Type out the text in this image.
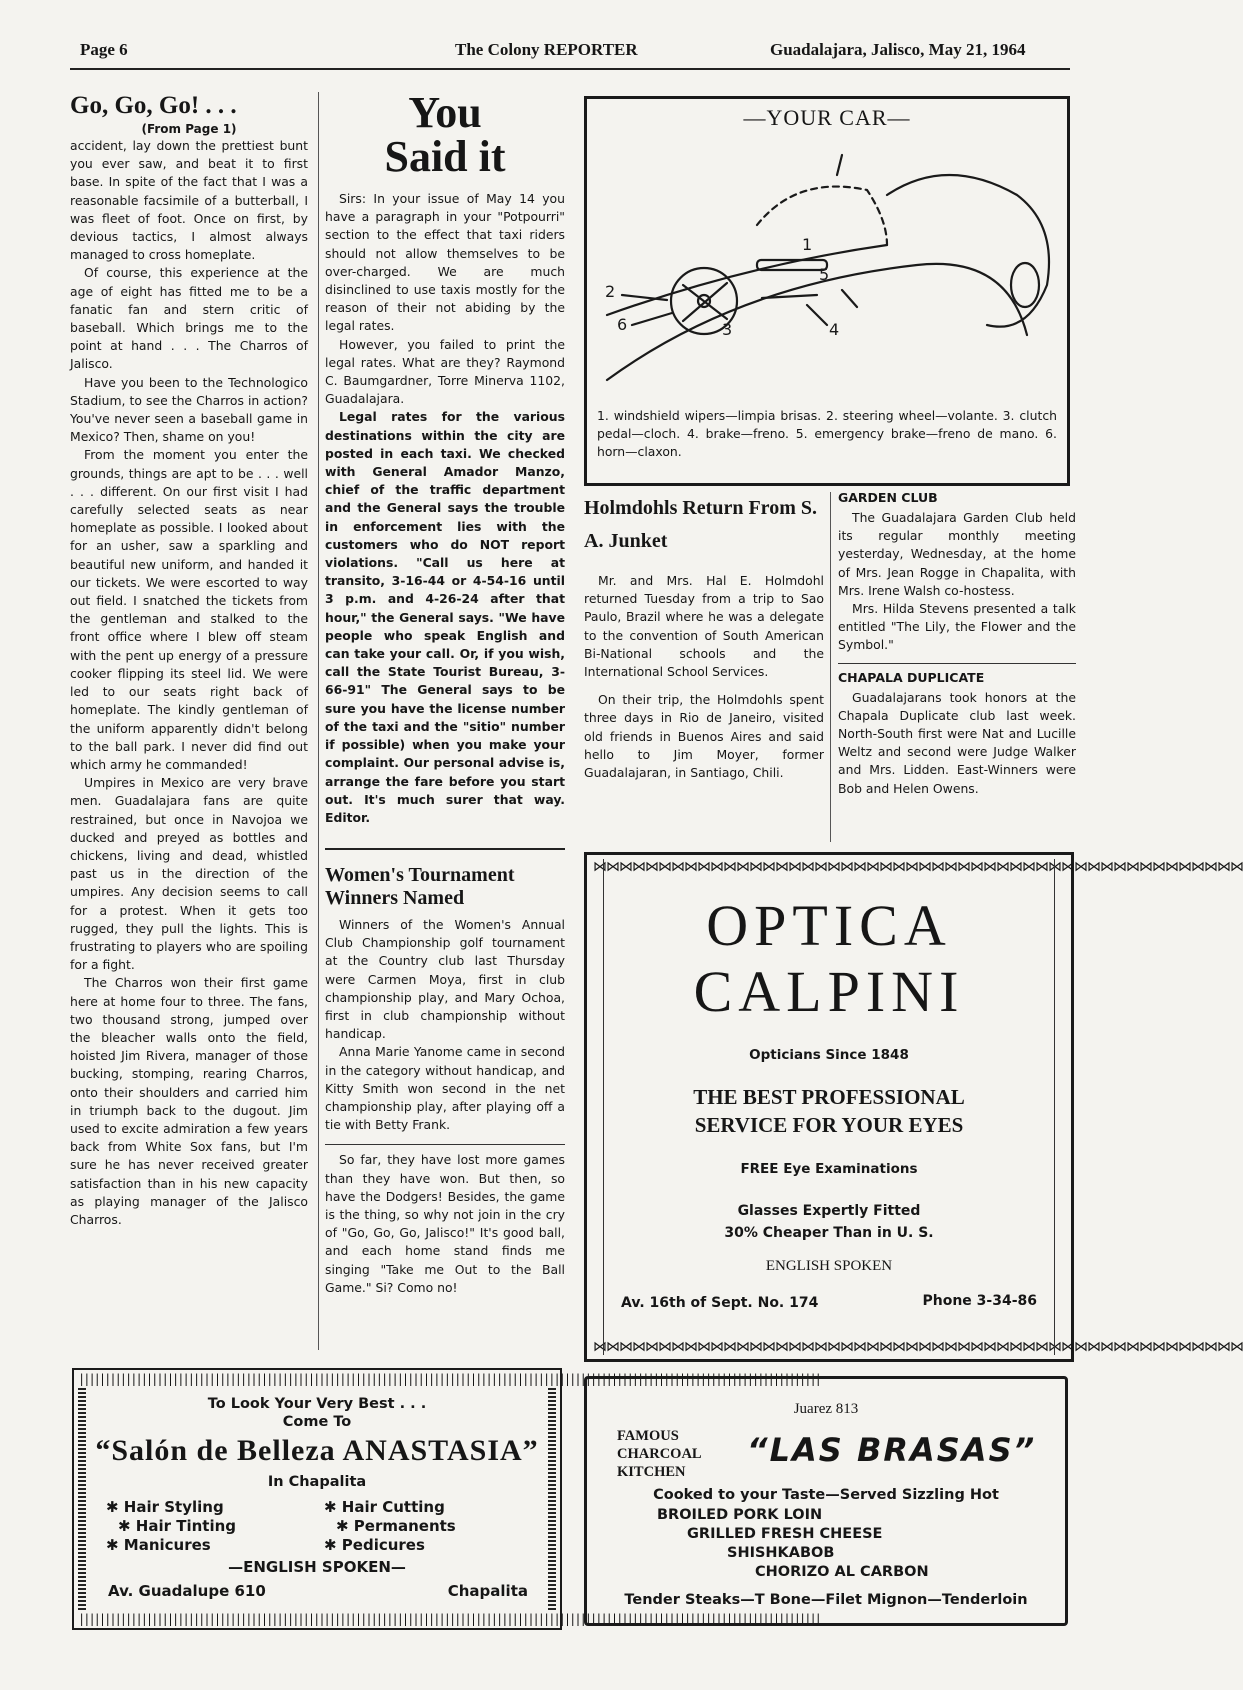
Page 6	The Colony REPORTER	Guadalajara, Jalisco, May 21, 1964
Go, Go, Go! . . .
(From Page 1)

accident, lay down the prettiest bunt you ever saw, and beat it to first base. In spite of the fact that I was a reasonable facsimile of a butterball, I was fleet of foot. Once on first, by devious tactics, I almost always managed to cross homeplate.

Of course, this experience at the age of eight has fitted me to be a fanatic fan and stern critic of baseball. Which brings me to the point at hand . . . The Charros of Jalisco.

Have you been to the Technologico Stadium, to see the Charros in action? You've never seen a baseball game in Mexico? Then, shame on you!

From the moment you enter the grounds, things are apt to be . . . well . . . different. On our first visit I had carefully selected seats as near homeplate as possible. I looked about for an usher, saw a sparkling and beautiful new uniform, and handed it our tickets. We were escorted to way out field. I snatched the tickets from the gentleman and stalked to the front office where I blew off steam with the pent up energy of a pressure cooker flipping its steel lid. We were led to our seats right back of homeplate. The kindly gentleman of the uniform apparently didn't belong to the ball park. I never did find out which army he commanded!

Umpires in Mexico are very brave men. Guadalajara fans are quite restrained, but once in Navojoa we ducked and preyed as bottles and chickens, living and dead, whistled past us in the direction of the umpires. Any decision seems to call for a protest. When it gets too rugged, they pull the lights. This is frustrating to players who are spoiling for a fight.

The Charros won their first game here at home four to three. The fans, two thousand strong, jumped over the bleacher walls onto the field, hoisted Jim Rivera, manager of those bucking, stomping, rearing Charros, onto their shoulders and carried him in triumph back to the dugout. Jim used to excite admiration a few years back from White Sox fans, but I'm sure he has never received greater satisfaction than in his new capacity as playing manager of the Jalisco Charros.

You
Said it

Sirs: In your issue of May 14 you have a paragraph in your "Potpourri" section to the effect that taxi riders should not allow themselves to be over-charged. We are much disinclined to use taxis mostly for the reason of their not abiding by the legal rates.

However, you failed to print the legal rates. What are they? Raymond C. Baumgardner, Torre Minerva 1102, Guadalajara.

Legal rates for the various destinations within the city are posted in each taxi. We checked with General Amador Manzo, chief of the traffic department and the General says the trouble in enforcement lies with the customers who do NOT report violations. "Call us here at transito, 3-16-44 or 4-54-16 until 3 p.m. and 4-26-24 after that hour," the General says. "We have people who speak English and can take your call. Or, if you wish, call the State Tourist Bureau, 3-66-91" The General says to be sure you have the license number of the taxi and the "sitio" number if possible) when you make your complaint. Our personal advise is, arrange the fare before you start out. It's much surer that way. Editor.

Women's Tournament Winners Named

Winners of the Women's Annual Club Championship golf tournament at the Country club last Thursday were Carmen Moya, first in club championship play, and Mary Ochoa, first in club championship without handicap.

Anna Marie Yanome came in second in the category without handicap, and Kitty Smith won second in the net championship play, after playing off a tie with Betty Frank.

So far, they have lost more games than they have won. But then, so have the Dodgers! Besides, the game is the thing, so why not join in the cry of "Go, Go, Go, Jalisco!" It's good ball, and each home stand finds me singing "Take me Out to the Ball Game." Si? Como no!

—YOUR CAR—
1
2
3	4
5
6
1. windshield wipers—limpia brisas. 2. steering wheel—volante. 3. clutch pedal—cloch. 4. brake—freno. 5. emergency brake—freno de mano. 6. horn—claxon.
Holmdohls Return From S. A. Junket

Mr. and Mrs. Hal E. Holmdohl returned Tuesday from a trip to Sao Paulo, Brazil where he was a delegate to the convention of South American Bi-National schools and the International School Services.

On their trip, the Holmdohls spent three days in Rio de Janeiro, visited old friends in Buenos Aires and said hello to Jim Moyer, former Guadalajaran, in Santiago, Chili.

GARDEN CLUB

The Guadalajara Garden Club held its regular monthly meeting yesterday, Wednesday, at the home of Mrs. Jean Rogge in Chapalita, with Mrs. Irene Walsh co-hostess.

Mrs. Hilda Stevens presented a talk entitled "The Lily, the Flower and the Symbol."

CHAPALA DUPLICATE

Guadalajarans took honors at the Chapala Duplicate club last week. North-South first were Nat and Lucille Weltz and second were Judge Walker and Mrs. Lidden. East-Winners were Bob and Helen Owens.

⋈⋈⋈⋈⋈⋈⋈⋈⋈⋈⋈⋈⋈⋈⋈⋈⋈⋈⋈⋈⋈⋈⋈⋈⋈⋈⋈⋈⋈⋈⋈⋈⋈⋈⋈⋈⋈⋈⋈⋈⋈⋈⋈⋈⋈⋈⋈⋈⋈⋈
⋈⋈⋈⋈⋈⋈⋈⋈⋈⋈⋈⋈⋈⋈⋈⋈⋈⋈⋈⋈⋈⋈⋈⋈⋈⋈⋈⋈⋈⋈⋈⋈⋈⋈⋈⋈⋈⋈⋈⋈⋈⋈⋈⋈⋈⋈⋈⋈⋈⋈
OPTICA
CALPINI
Opticians Since 1848
THE BEST PROFESSIONAL
SERVICE FOR YOUR EYES
FREE Eye Examinations
Glasses Expertly Fitted
30% Cheaper Than in U. S.
ENGLISH SPOKEN
Av. 16th of Sept. No. 174	Phone 3-34-86
||||||||||||||||||||||||||||||||||||||||||||||||||||||||||||||||||||||||||||||||||||||||||||||||||||||||||||||||||||||||||||||||||||||||||||||
||||||||||||||||||||||||||||||||||||||||||||||||||||||||||||||||||||||||||||||||||||||||||||||||||||||||||||||||||||||||||||||||||||||||||||||
To Look Your Very Best . . .
Come To
“Salón de Belleza ANASTASIA”
In Chapalita
✱ Hair Styling	✱ Hair Cutting
✱ Hair Tinting	✱ Permanents
✱ Manicures	✱ Pedicures
—ENGLISH SPOKEN—
Av. Guadalupe 610	Chapalita
Juarez 813
FAMOUS
CHARCOAL
KITCHEN
“LAS BRASAS”
Cooked to your Taste—Served Sizzling Hot
BROILED PORK LOIN
GRILLED FRESH CHEESE
SHISHKABOB
CHORIZO AL CARBON
Tender Steaks—T Bone—Filet Mignon—Tenderloin
